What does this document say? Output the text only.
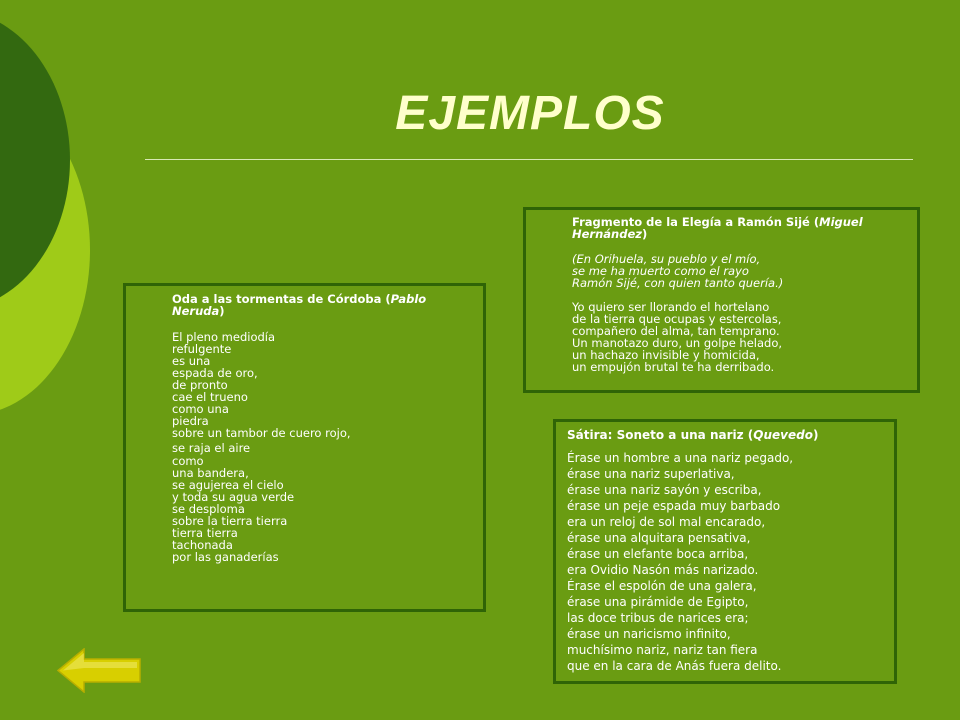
EJEMPLOS

Oda a las tormentas de Córdoba (Pablo Neruda)

El pleno mediodía
refulgente
es una
espada de oro,
de pronto
cae el trueno
como una
piedra
sobre un tambor de cuero rojo,

se raja el aire

como
una bandera,
se agujerea el cielo
y toda su agua verde
se desploma
sobre la tierra tierra
tierra tierra
tachonada
por las ganaderías

Fragmento de la Elegía a Ramón Sijé (Miguel Hernández)

(En Orihuela, su pueblo y el mío,
se me ha muerto como el rayo
Ramón Sijé, con quien tanto quería.)

Yo quiero ser llorando el hortelano
de la tierra que ocupas y estercolas,
compañero del alma, tan temprano.
Un manotazo duro, un golpe helado,
un hachazo invisible y homicida,
un empujón brutal te ha derribado.

Sátira: Soneto a una nariz (Quevedo)

Érase un hombre a una nariz pegado,
érase una nariz superlativa,
érase una nariz sayón y escriba,
érase un peje espada muy barbado
era un reloj de sol mal encarado,
érase una alquitara pensativa,
érase un elefante boca arriba,
era Ovidio Nasón más narizado.
Érase el espolón de una galera,
érase una pirámide de Egipto,
las doce tribus de narices era;
érase un naricismo infinito,
muchísimo nariz, nariz tan fiera
que en la cara de Anás fuera delito.
